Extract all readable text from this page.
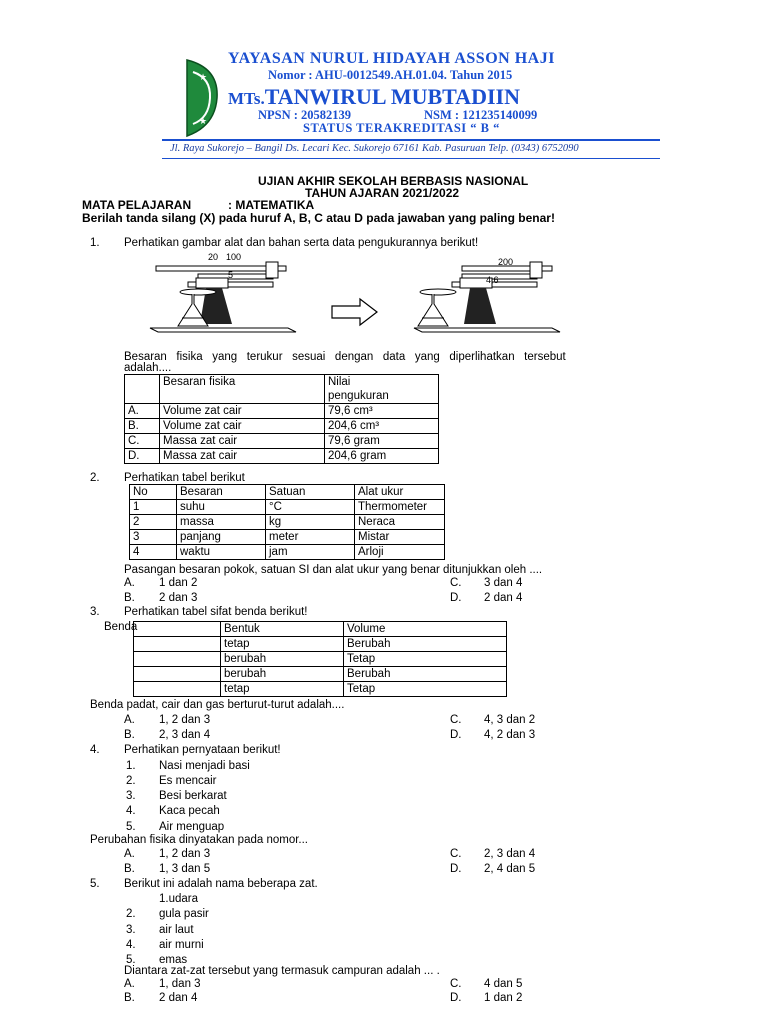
★
★
YAYASAN NURUL HIDAYAH ASSON HAJI
Nomor : AHU-0012549.AH.01.04. Tahun 2015
MTs.TANWIRUL MUBTADIIN
NPSN : 20582139	NSM : 121235140099
STATUS TERAKREDITASI “ B “
Jl. Raya Sukorejo – Bangil Ds. Lecari Kec. Sukorejo 67161 Kab. Pasuruan Telp. (0343) 6752090
UJIAN AKHIR SEKOLAH BERBASIS NASIONAL
TAHUN AJARAN 2021/2022
MATA PELAJARAN	: MATEMATIKA
Berilah tanda silang (X) pada huruf A, B, C atau D pada jawaban yang paling benar!
1. Perhatikan gambar alat dan bahan serta data pengukurannya berikut!
20 100
5
200
4,6
Besaran   fisika   yang   terukur   sesuai   dengan   data   yang   diperlihatkan   tersebut
adalah....
	Besaran fisika	Nilai
pengukuran

A.	Volume zat cair	79,6 cm³
B.	Volume zat cair	204,6 cm³
C.	Massa zat cair	79,6 gram
D.	Massa zat cair	204,6 gram
2. Perhatikan tabel berikut
No	Besaran	Satuan	Alat ukur
1	suhu	°C	Thermometer
2	massa	kg	Neraca
3	panjang	meter	Mistar
4	waktu	jam	Arloji
Pasangan besaran pokok, satuan SI dan alat ukur yang benar ditunjukkan oleh ....
A. 1 dan 2	C. 3 dan 4
B. 2 dan 3	D. 2 dan 4
3. Perhatikan tabel sifat benda berikut!
	Bentuk	Volume
	tetap	Berubah
	berubah	Tetap
	berubah	Berubah
	tetap	Tetap
Benda
Benda padat, cair dan gas berturut-turut adalah....
A. 1, 2 dan 3	C. 4, 3 dan 2
B. 2, 3 dan 4	D. 4, 2 dan 3
4. Perhatikan pernyataan berikut!
1. Nasi menjadi basi
2. Es mencair
3. Besi berkarat
4. Kaca pecah
5. Air menguap
Perubahan fisika dinyatakan pada nomor...
A. 1, 2 dan 3	C. 2, 3 dan 4
B. 1, 3 dan 5	D. 2, 4 dan 5
5. Berikut ini adalah nama beberapa zat.
1.udara
2. gula pasir
3. air laut
4. air murni
5. emas
Diantara zat-zat tersebut yang termasuk campuran adalah ... .
A. 1, dan 3	C. 4 dan 5
B. 2 dan 4	D. 1 dan 2
